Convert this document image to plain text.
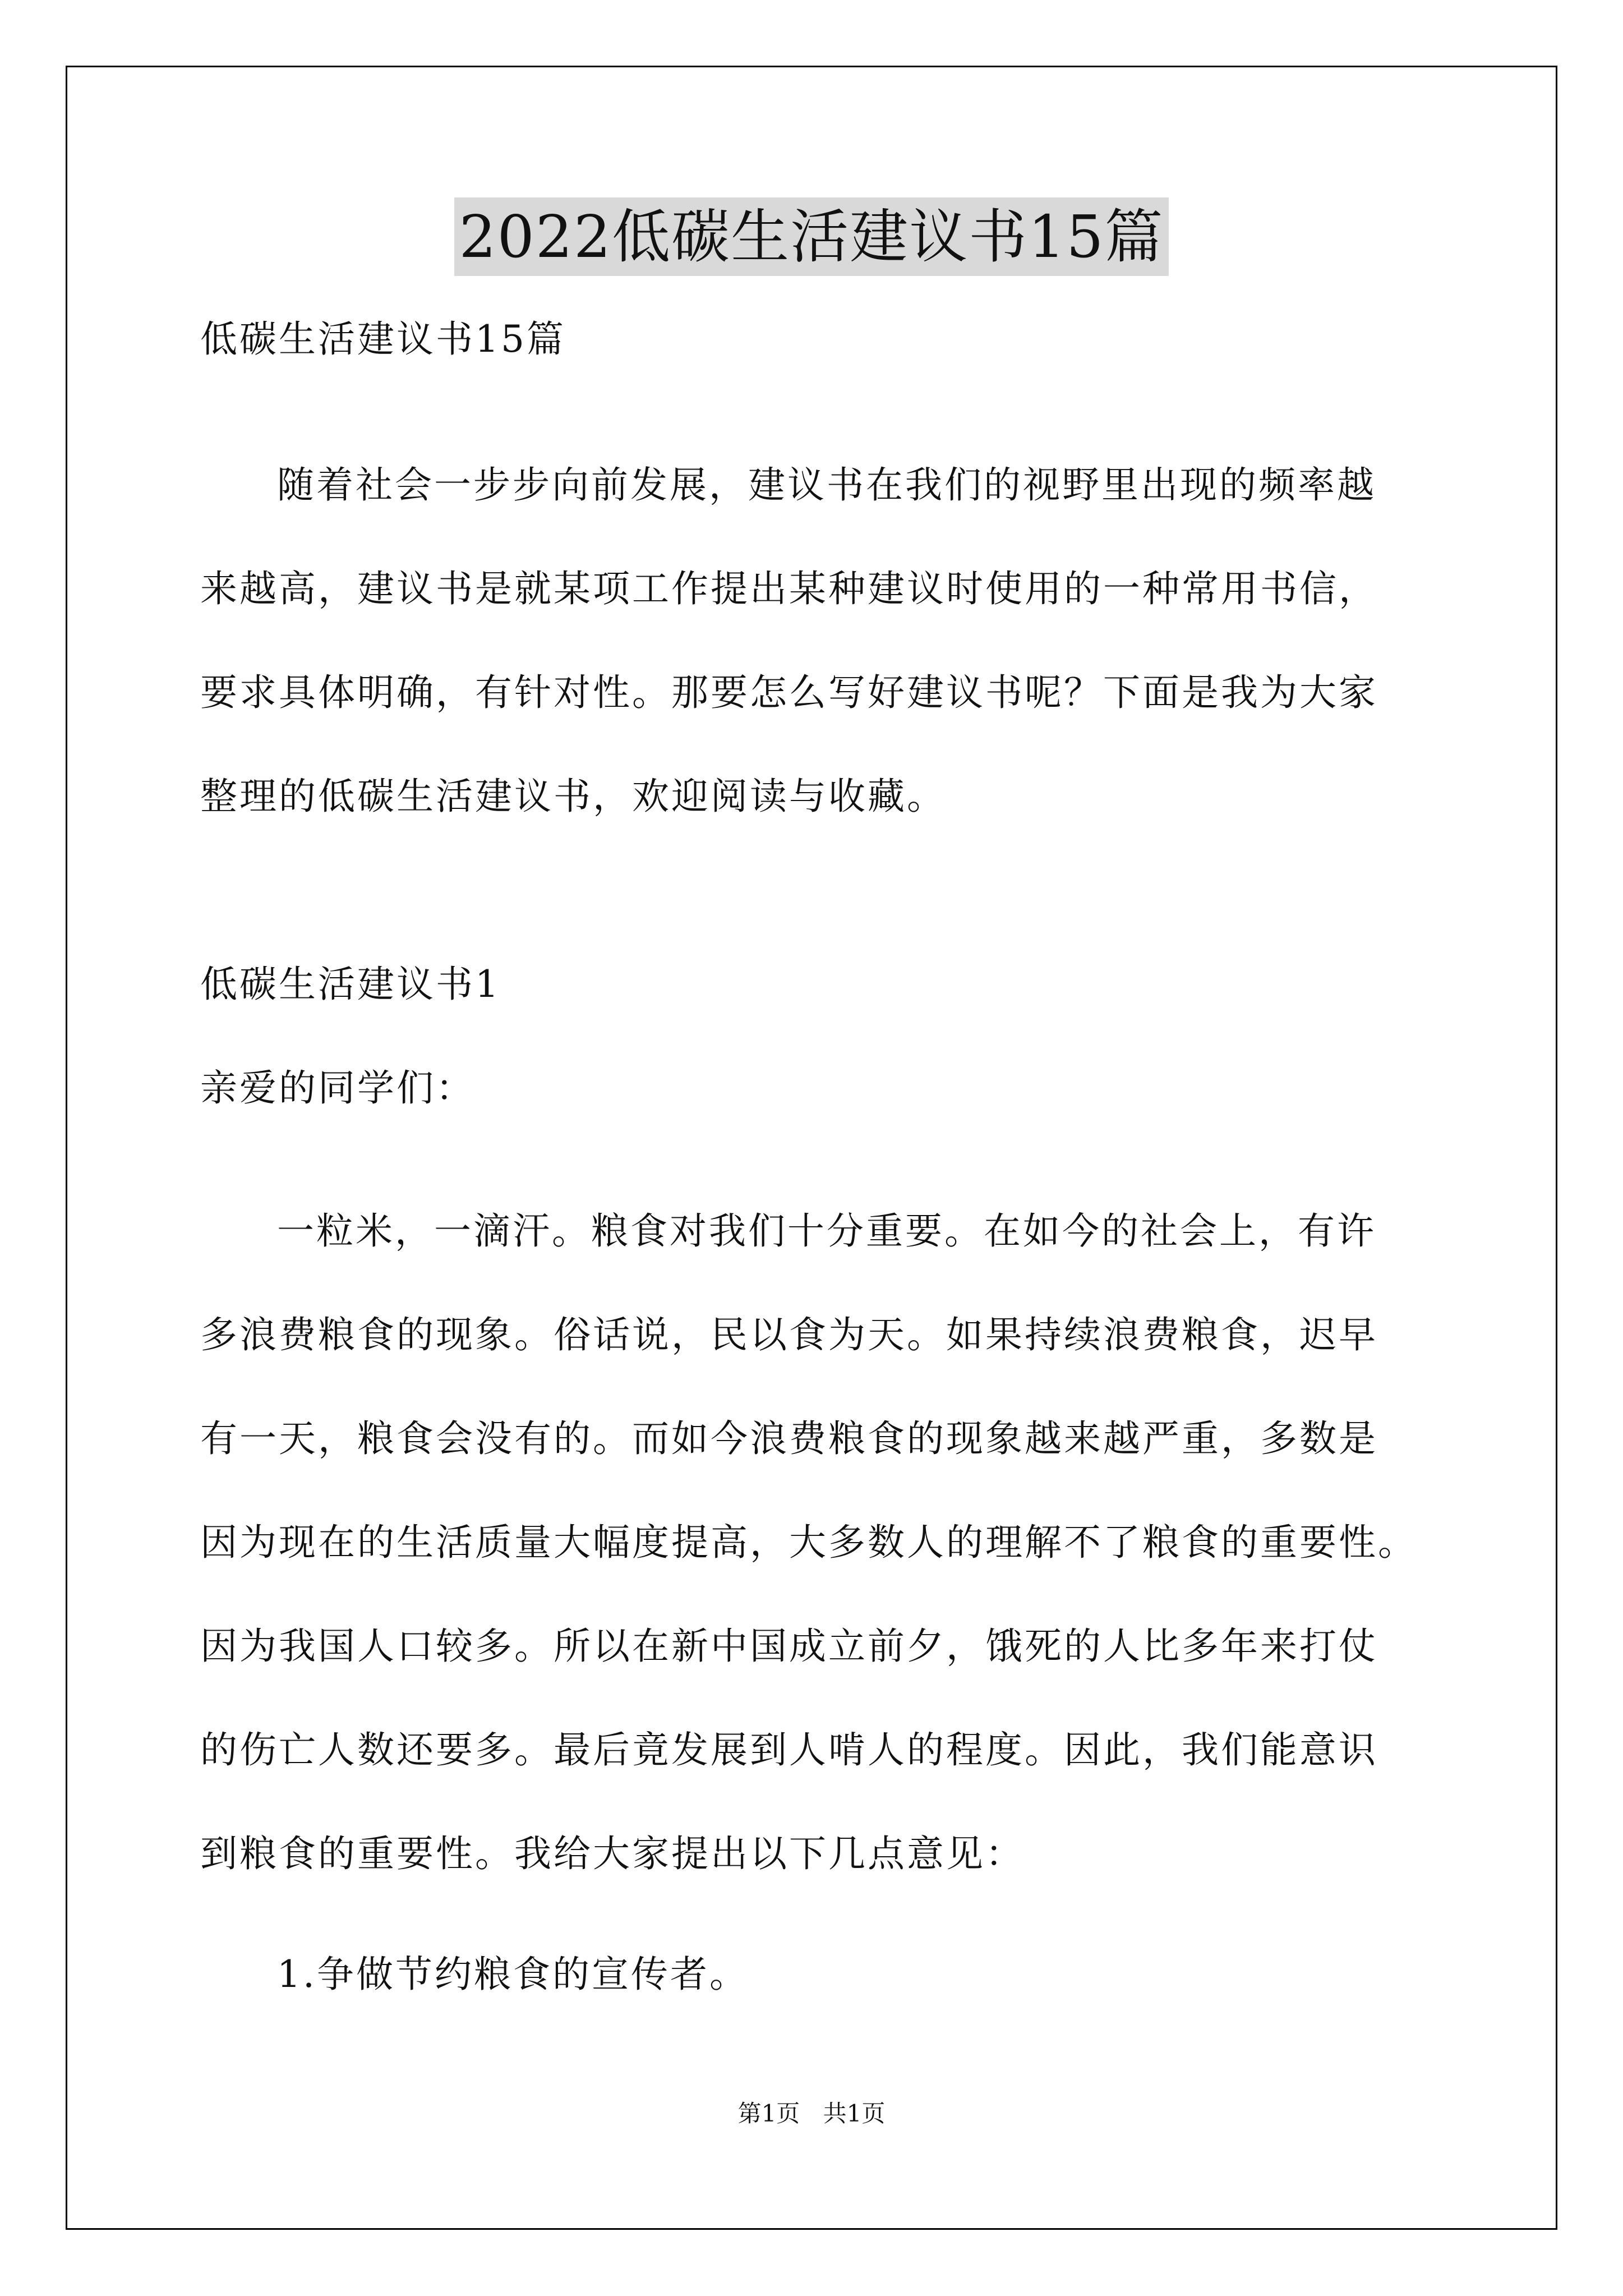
2022低碳生活建议书15篇
低碳生活建议书15篇
随着社会一步步向前发展，建议书在我们的视野里出现的频率越
来越高，建议书是就某项工作提出某种建议时使用的一种常用书信，
要求具体明确，有针对性。那要怎么写好建议书呢？下面是我为大家
整理的低碳生活建议书，欢迎阅读与收藏。
低碳生活建议书1
亲爱的同学们：
一粒米，一滴汗。粮食对我们十分重要。在如今的社会上，有许
多浪费粮食的现象。俗话说，民以食为天。如果持续浪费粮食，迟早
有一天，粮食会没有的。而如今浪费粮食的现象越来越严重，多数是
因为现在的生活质量大幅度提高，大多数人的理解不了粮食的重要性。
因为我国人口较多。所以在新中国成立前夕，饿死的人比多年来打仗
的伤亡人数还要多。最后竟发展到人啃人的程度。因此，我们能意识
到粮食的重要性。我给大家提出以下几点意见：
1.争做节约粮食的宣传者。
第1页 共1页
